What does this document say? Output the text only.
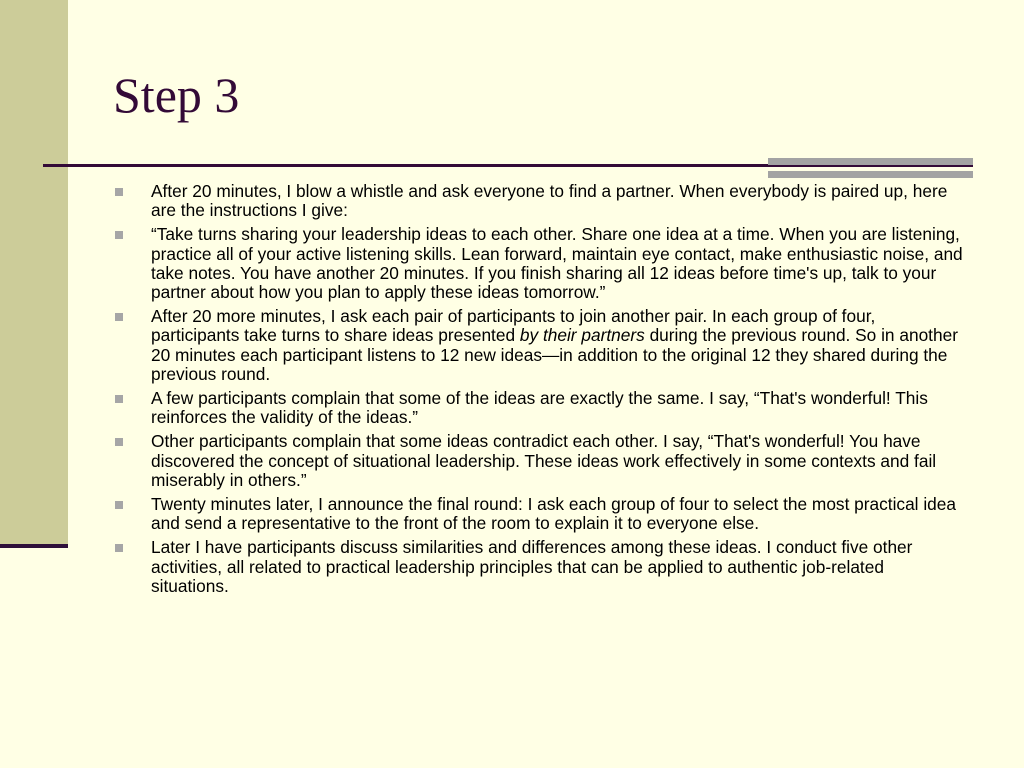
Step 3
After 20 minutes, I blow a whistle and ask everyone to find a partner. When everybody is paired up, here are the instructions I give:
“Take turns sharing your leadership ideas to each other. Share one idea at a time. When you are listening, practice all of your active listening skills. Lean forward, maintain eye contact, make enthusiastic noise, and take notes. You have another 20 minutes. If you finish sharing all 12 ideas before time's up, talk to your partner about how you plan to apply these ideas tomorrow.”
After 20 more minutes, I ask each pair of participants to join another pair. In each group of four, participants take turns to share ideas presented by their partners during the previous round. So in another 20 minutes each participant listens to 12 new ideas—in addition to the original 12 they shared during the previous round.
A few participants complain that some of the ideas are exactly the same. I say, “That's wonderful! This reinforces the validity of the ideas.”
Other participants complain that some ideas contradict each other. I say, “That's wonderful! You have discovered the concept of situational leadership. These ideas work effectively in some contexts and fail miserably in others.”
Twenty minutes later, I announce the final round: I ask each group of four to select the most practical idea and send a representative to the front of the room to explain it to everyone else.
Later I have participants discuss similarities and differences among these ideas. I conduct five other activities, all related to practical leadership principles that can be applied to authentic job-related situations.
